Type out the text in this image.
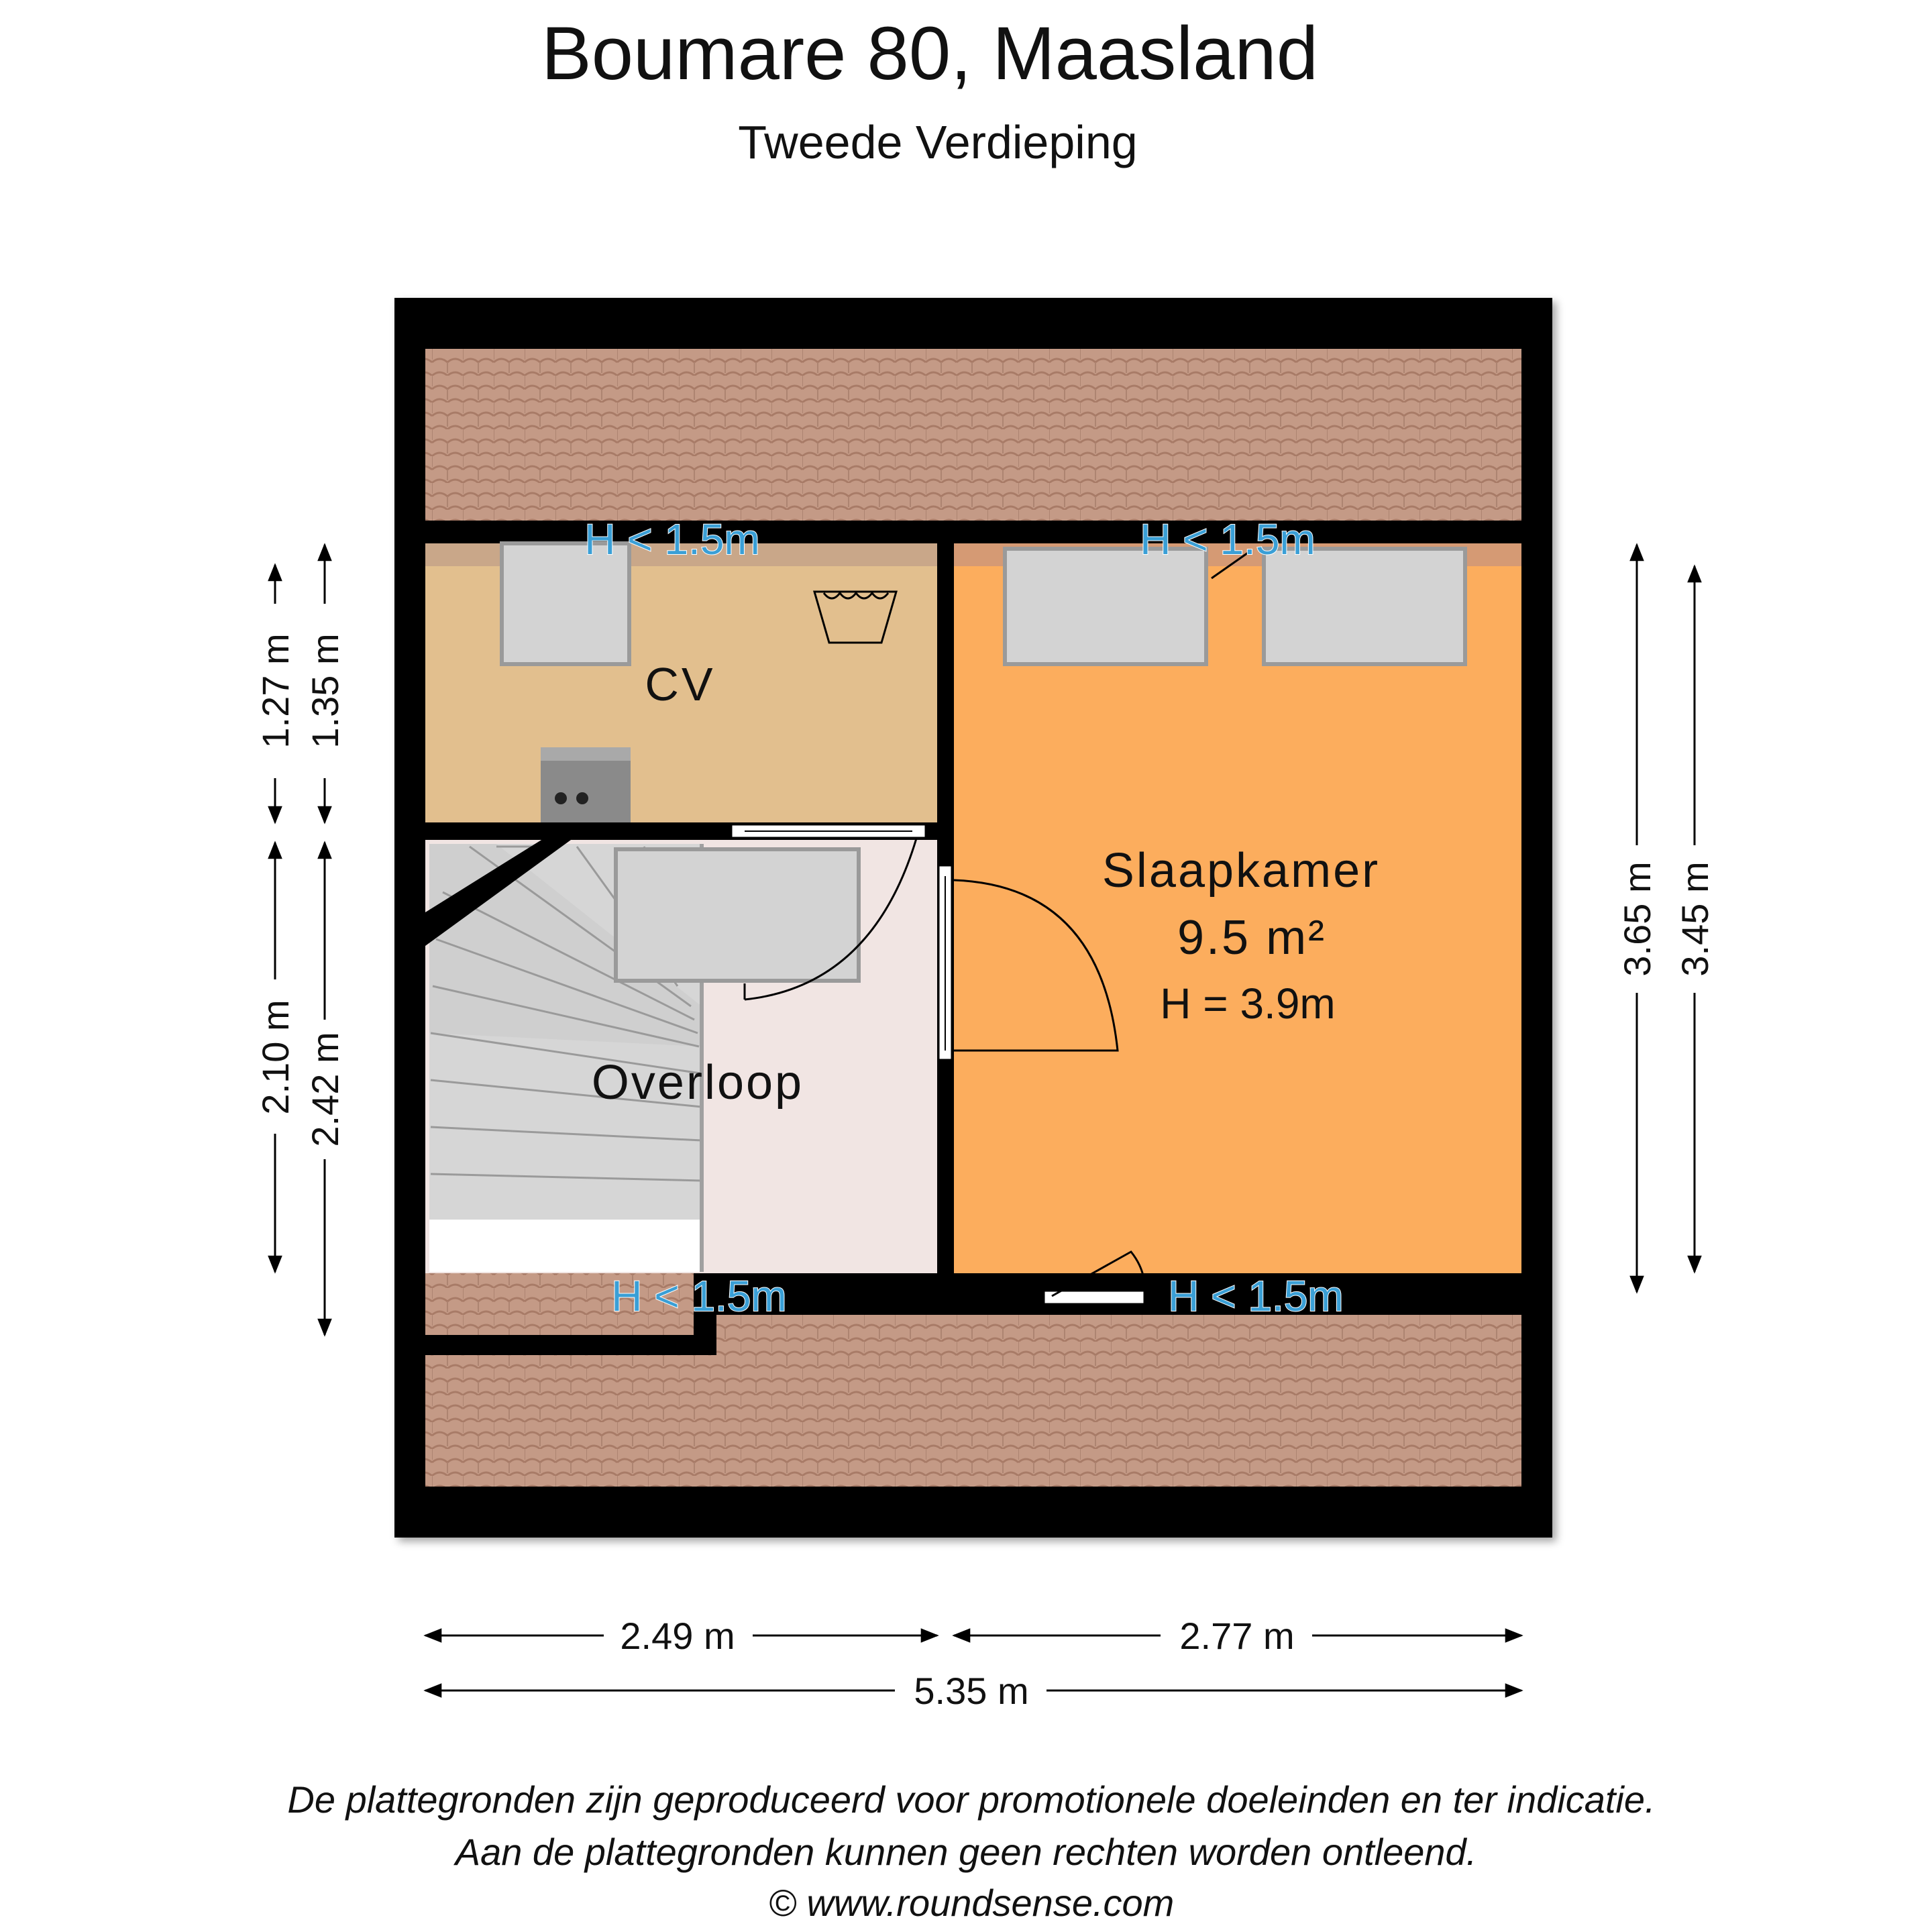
Boumare 80, Maasland
Tweede Verdieping
CV
Overloop
Slaapkamer
9.5 m²
H = 3.9m
H < 1.5m	H < 1.5m
H < 1.5m	H < 1.5m
1.27 m 1.35 m
2.10 m 2.42 m
3.65 m 3.45 m
2.49 m	2.77 m
5.35 m
De plattegronden zijn geproduceerd voor promotionele doeleinden en ter indicatie.
Aan de plattegronden kunnen geen rechten worden ontleend.
© www.roundsense.com
